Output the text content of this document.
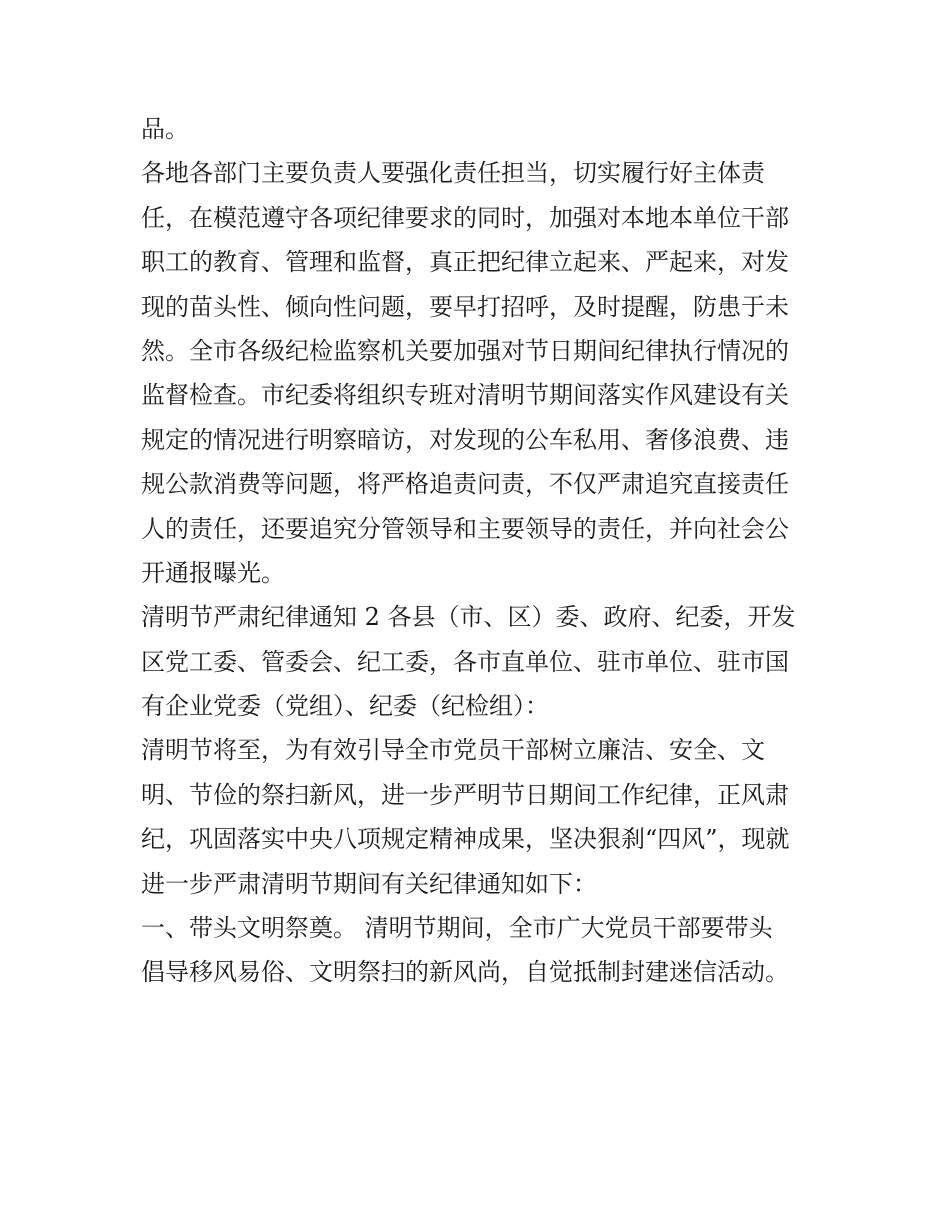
品。
各地各部门主要负责人要强化责任担当，切实履行好主体责
任，在模范遵守各项纪律要求的同时，加强对本地本单位干部
职工的教育、管理和监督，真正把纪律立起来、严起来，对发
现的苗头性、倾向性问题，要早打招呼，及时提醒，防患于未
然。全市各级纪检监察机关要加强对节日期间纪律执行情况的
监督检查。市纪委将组织专班对清明节期间落实作风建设有关
规定的情况进行明察暗访，对发现的公车私用、奢侈浪费、违
规公款消费等问题，将严格追责问责，不仅严肃追究直接责任
人的责任，还要追究分管领导和主要领导的责任，并向社会公
开通报曝光。
清明节严肃纪律通知 2 各县（市、区）委、政府、纪委，开发
区党工委、管委会、纪工委，各市直单位、驻市单位、驻市国
有企业党委（党组）、纪委（纪检组）：
清明节将至，为有效引导全市党员干部树立廉洁、安全、文
明、节俭的祭扫新风，进一步严明节日期间工作纪律，正风肃
纪，巩固落实中央八项规定精神成果，坚决狠刹“四风”，现就
进一步严肃清明节期间有关纪律通知如下：
一、带头文明祭奠。 清明节期间，全市广大党员干部要带头
倡导移风易俗、文明祭扫的新风尚，自觉抵制封建迷信活动。
